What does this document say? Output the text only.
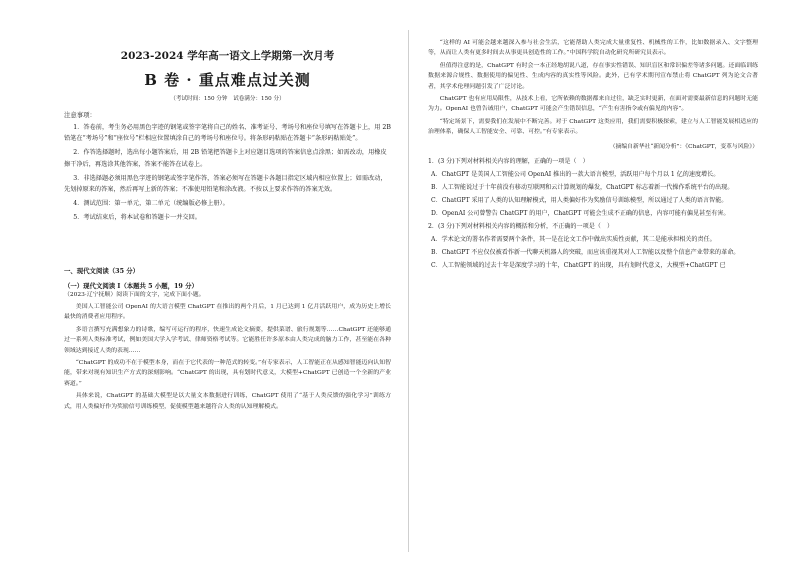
2023-2024 学年高一语文上学期第一次月考
B 卷 · 重点难点过关测
（考试时间：150 分钟　试卷满分：150 分）
注意事项：

1．答卷前，考生务必用黑色字迹的钢笔或签字笔将自己的姓名、准考证号、考场号和座位号填写在答题卡上，用 2B 铅笔在“考场号”和“座位号”栏相应位置填涂自己的考场号和座位号。将条形码粘贴在答题卡“条形码粘贴处”。

2．作答选择题时，选出每小题答案后，用 2B 铅笔把答题卡上对应题目选项的答案信息点涂黑；如需改动，用橡皮擦干净后，再选涂其他答案，答案不能答在试卷上。

3．非选择题必须用黑色字迹的钢笔或签字笔作答，答案必须写在答题卡各题目指定区域内相应位置上；如需改动，先划掉原来的答案，然后再写上新的答案；不准使用铅笔和涂改液。不按以上要求作答的答案无效。

4．测试范围：第一单元，第二单元（统编版必修上册）。

5．考试结束后，将本试卷和答题卡一并交回。

一、现代文阅读（35 分）
（一）现代文阅读 I（本题共 5 小题，19 分）

（2023·辽宁抚顺）阅读下面的文字，完成下面小题。

美国人工智能公司 OpenAI 的大语言模型 ChatGPT 在推出的两个月后，1 月已达到 1 亿月活跃用户，成为历史上增长最快的消费者应用程序。

多语言撰写充满想象力的诗歌，编写可运行的程序，快速生成论文摘要，提供菜谱、旅行规划等……ChatGPT 还能够通过一系列人类标准考试，例如美国大学入学考试、律师资格考试等。它能胜任许多原本由人类完成的脑力工作，甚至能在各种领域达到接近人类的表现……

“ChatGPT 的成功不在于模型本身，而在于它代表的一种范式的转变。”有专家表示，人工智能正在从感知智能迈向认知智能，带来对现有知识生产方式的深刻影响。“ChatGPT 的出现，具有划时代意义，大模型+ChatGPT 已创造一个全新的产业赛道。”

具体来说，ChatGPT 的基础大模型是以大量文本数据进行训练，ChatGPT 使用了“基于人类反馈的强化学习”训练方式，用人类偏好作为奖励信号训练模型，促使模型越来越符合人类的认知理解模式。

“这样的 AI 可能会越来越深入参与社会生活，它能帮助人类完成大量重复性、机械性的工作，比如数据录入、文字整理等，从而让人类有更多时间去从事更具创造性的工作。”中国科学院自动化研究所研究员表示。

但值得注意的是，ChatGPT 有时会一本正经地胡说八道，存在事实性错误、知识盲区和常识偏差等诸多问题。还面临训练数据来源合规性、数据使用的偏见性、生成内容的真实性等风险。此外，已有学术期刊宣布禁止将 ChatGPT 列为论文合著者，其学术伦理问题引发了广泛讨论。

ChatGPT 也有应用局限性，从技术上看，它所依赖的数据都来自过往，缺乏实时更新，在面对需要最新信息的问题时无能为力。OpenAI 也曾告诫用户，ChatGPT 可能会产生错误信息，“产生有害指令或有偏见的内容”。

“特定场景下，需要我们在发展中不断完善。对于 ChatGPT 这类应用，我们需要积极探索，建立与人工智能发展相适应的治理体系，确保人工智能安全、可靠、可控。”有专家表示。

（摘编自新华社“新闻分析”：《ChatGPT，变革与风险》）
1．(3 分)下列对材料相关内容的理解，正确的一项是（　）
A．ChatGPT 是美国人工智能公司 OpenAI 推出的一款大语言模型，活跃用户每个月以 1 亿的速度增长。
B．人工智能说过于十年前没有移动互联网和云计算规划的爆发，ChatGPT 标志着新一代操作系统平台的出现。
C．ChatGPT 采用了人类的认知理解模式，用人类偏好作为奖励信号训练模型，所以通过了人类的语言智能。
D．OpenAI 公司曾警告 ChatGPT 的用户，ChatGPT 可能会生成不正确的信息，内容可能有偏见甚至有害。
2．(3 分)下列对材料相关内容的概括和分析，不正确的一项是（　）
A．学术论文的署名作者需要两个条件，其一是在论文工作中做出实质性贡献，其二是能承担相关的责任。
B．ChatGPT 不应仅仅被看作新一代聊天机器人的突破，而应该重视其对人工智能以及整个信息产业带来的革命。
C．人工智能领域的过去十年是深度学习的十年，ChatGPT 的出现，具有划时代意义，大模型+ChatGPT 已
